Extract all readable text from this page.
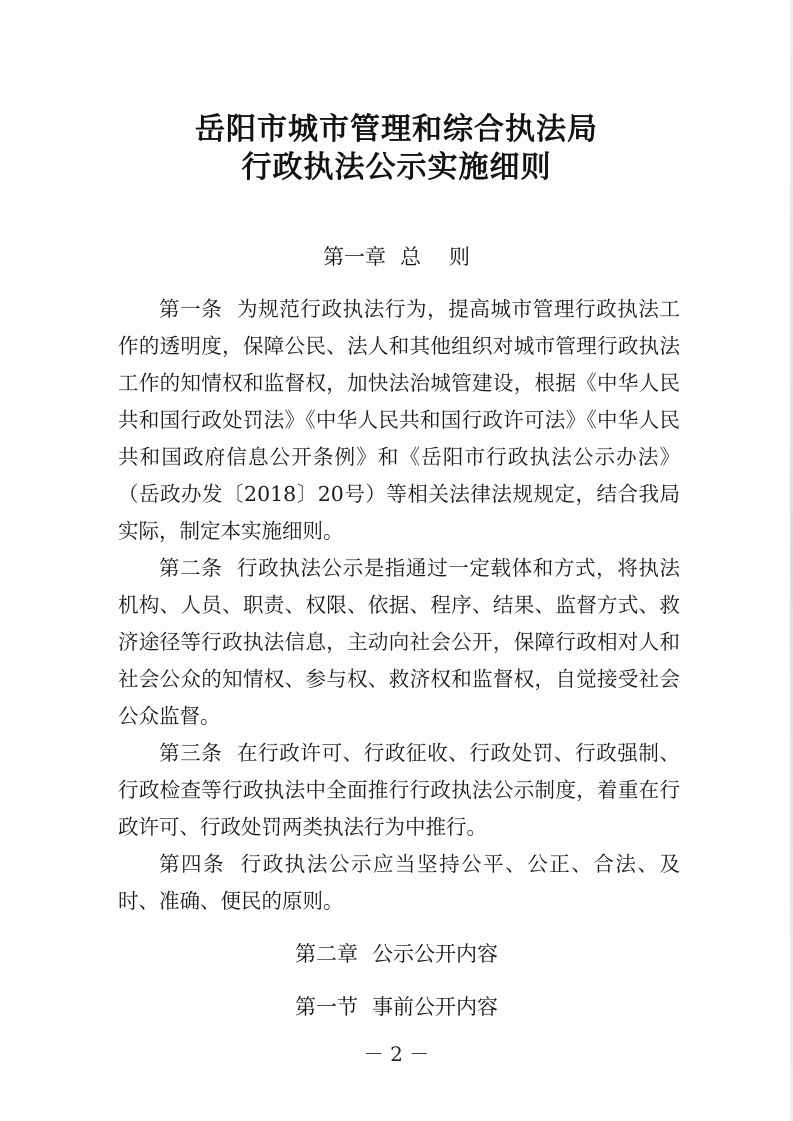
岳阳市城市管理和综合执法局
行政执法公示实施细则
第一章 总 则

第一条 为规范行政执法行为，提高城市管理行政执法工作的透明度，保障公民、法人和其他组织对城市管理行政执法工作的知情权和监督权，加快法治城管建设，根据《中华人民共和国行政处罚法》《中华人民共和国行政许可法》《中华人民共和国政府信息公开条例》和《岳阳市行政执法公示办法》（岳政办发〔2018〕20号）等相关法律法规规定，结合我局实际，制定本实施细则。

第二条 行政执法公示是指通过一定载体和方式，将执法机构、人员、职责、权限、依据、程序、结果、监督方式、救济途径等行政执法信息，主动向社会公开，保障行政相对人和社会公众的知情权、参与权、救济权和监督权，自觉接受社会公众监督。

第三条 在行政许可、行政征收、行政处罚、行政强制、行政检查等行政执法中全面推行行政执法公示制度，着重在行政许可、行政处罚两类执法行为中推行。

第四条 行政执法公示应当坚持公平、公正、合法、及时、准确、便民的原则。

第二章 公示公开内容
第一节 事前公开内容
－ 2 －
